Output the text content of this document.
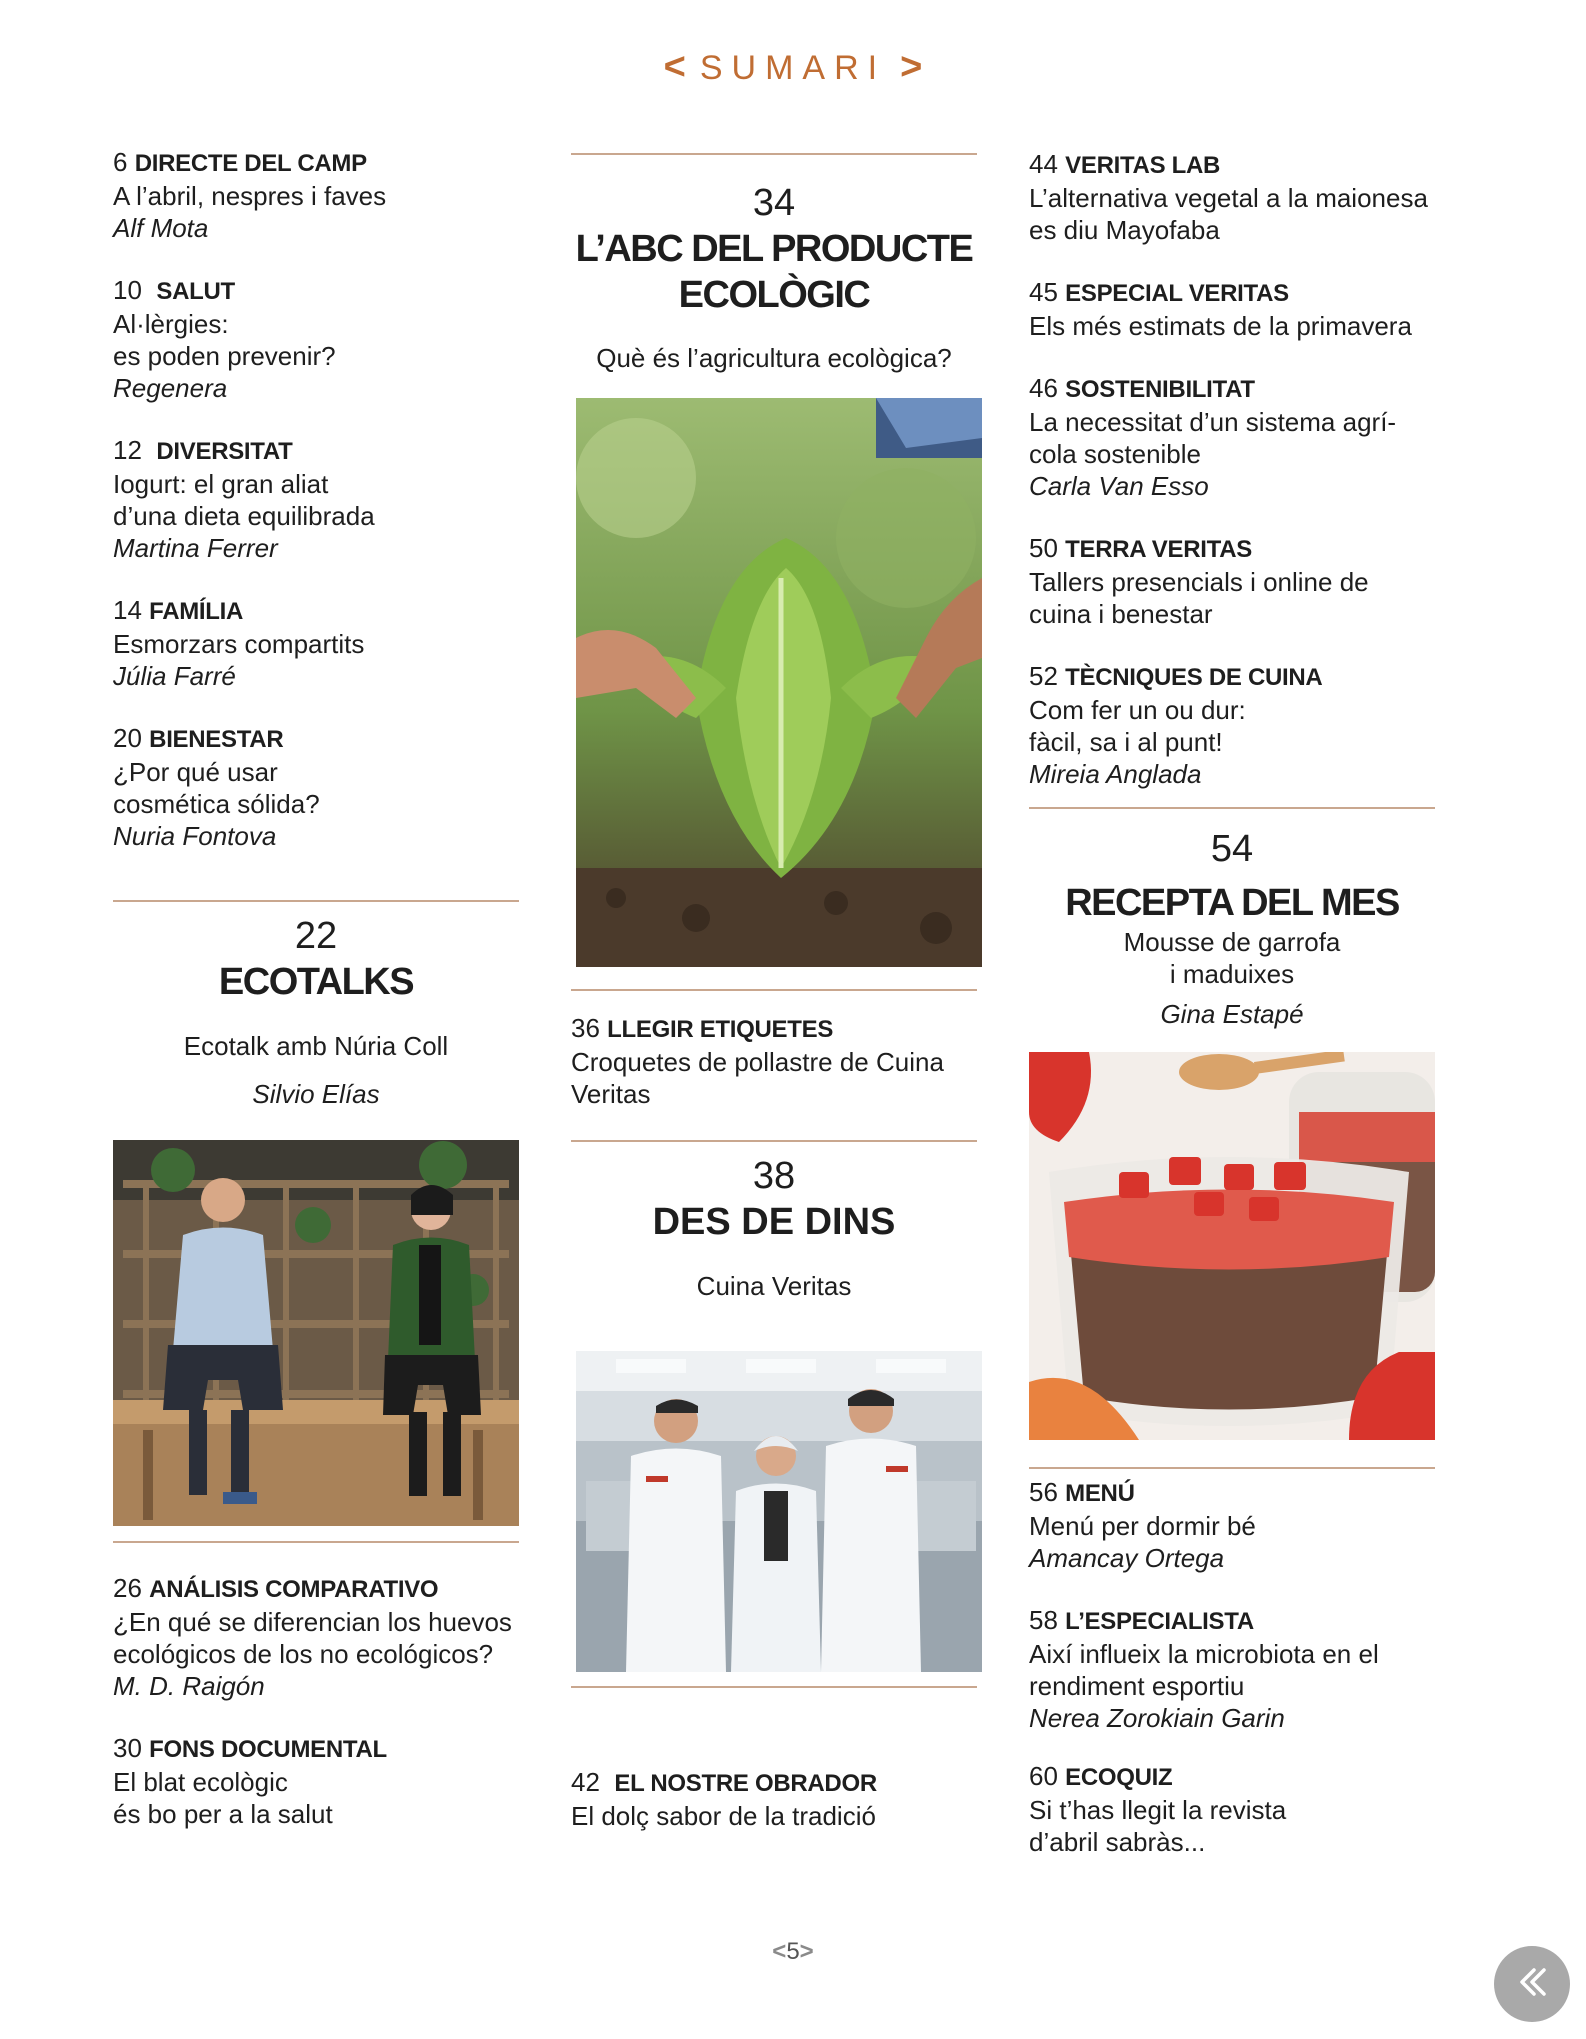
< SUMARI >
6 DIRECTE DEL CAMP
A l’abril, nespres i faves
Alf Mota
10 SALUT
Al·lèrgies:
es poden prevenir?
Regenera
12 DIVERSITAT
Iogurt: el gran aliat
d’una dieta equilibrada
Martina Ferrer
14 FAMÍLIA
Esmorzars compartits
Júlia Farré
20 BIENESTAR
¿Por qué usar
cosmética sólida?
Nuria Fontova
22
ECOTALKS
Ecotalk amb Núria Coll
Silvio Elías
26 ANÁLISIS COMPARATIVO
¿En qué se diferencian los huevos
ecológicos de los no ecológicos?
M. D. Raigón
30 FONS DOCUMENTAL
El blat ecològic
és bo per a la salut
34
L’ABC DEL PRODUCTE
ECOLÒGIC
Què és l’agricultura ecològica?
36 LLEGIR ETIQUETES
Croquetes de pollastre de Cuina
Veritas
38
DES DE DINS
Cuina Veritas
42 EL NOSTRE OBRADOR
El dolç sabor de la tradició
44 VERITAS LAB
L’alternativa vegetal a la maionesa
es diu Mayofaba
45 ESPECIAL VERITAS
Els més estimats de la primavera
46 SOSTENIBILITAT
La necessitat d’un sistema agrí-
cola sostenible
Carla Van Esso
50 TERRA VERITAS
Tallers presencials i online de
cuina i benestar
52 TÈCNIQUES DE CUINA
Com fer un ou dur:
fàcil, sa i al punt!
Mireia Anglada
54
RECEPTA DEL MES
Mousse de garrofa
i maduixes
Gina Estapé
56 MENÚ
Menú per dormir bé
Amancay Ortega
58 L’ESPECIALISTA
Així influeix la microbiota en el
rendiment esportiu
Nerea Zorokiain Garin
60 ECOQUIZ
Si t’has llegit la revista
d’abril sabràs...
<5>
